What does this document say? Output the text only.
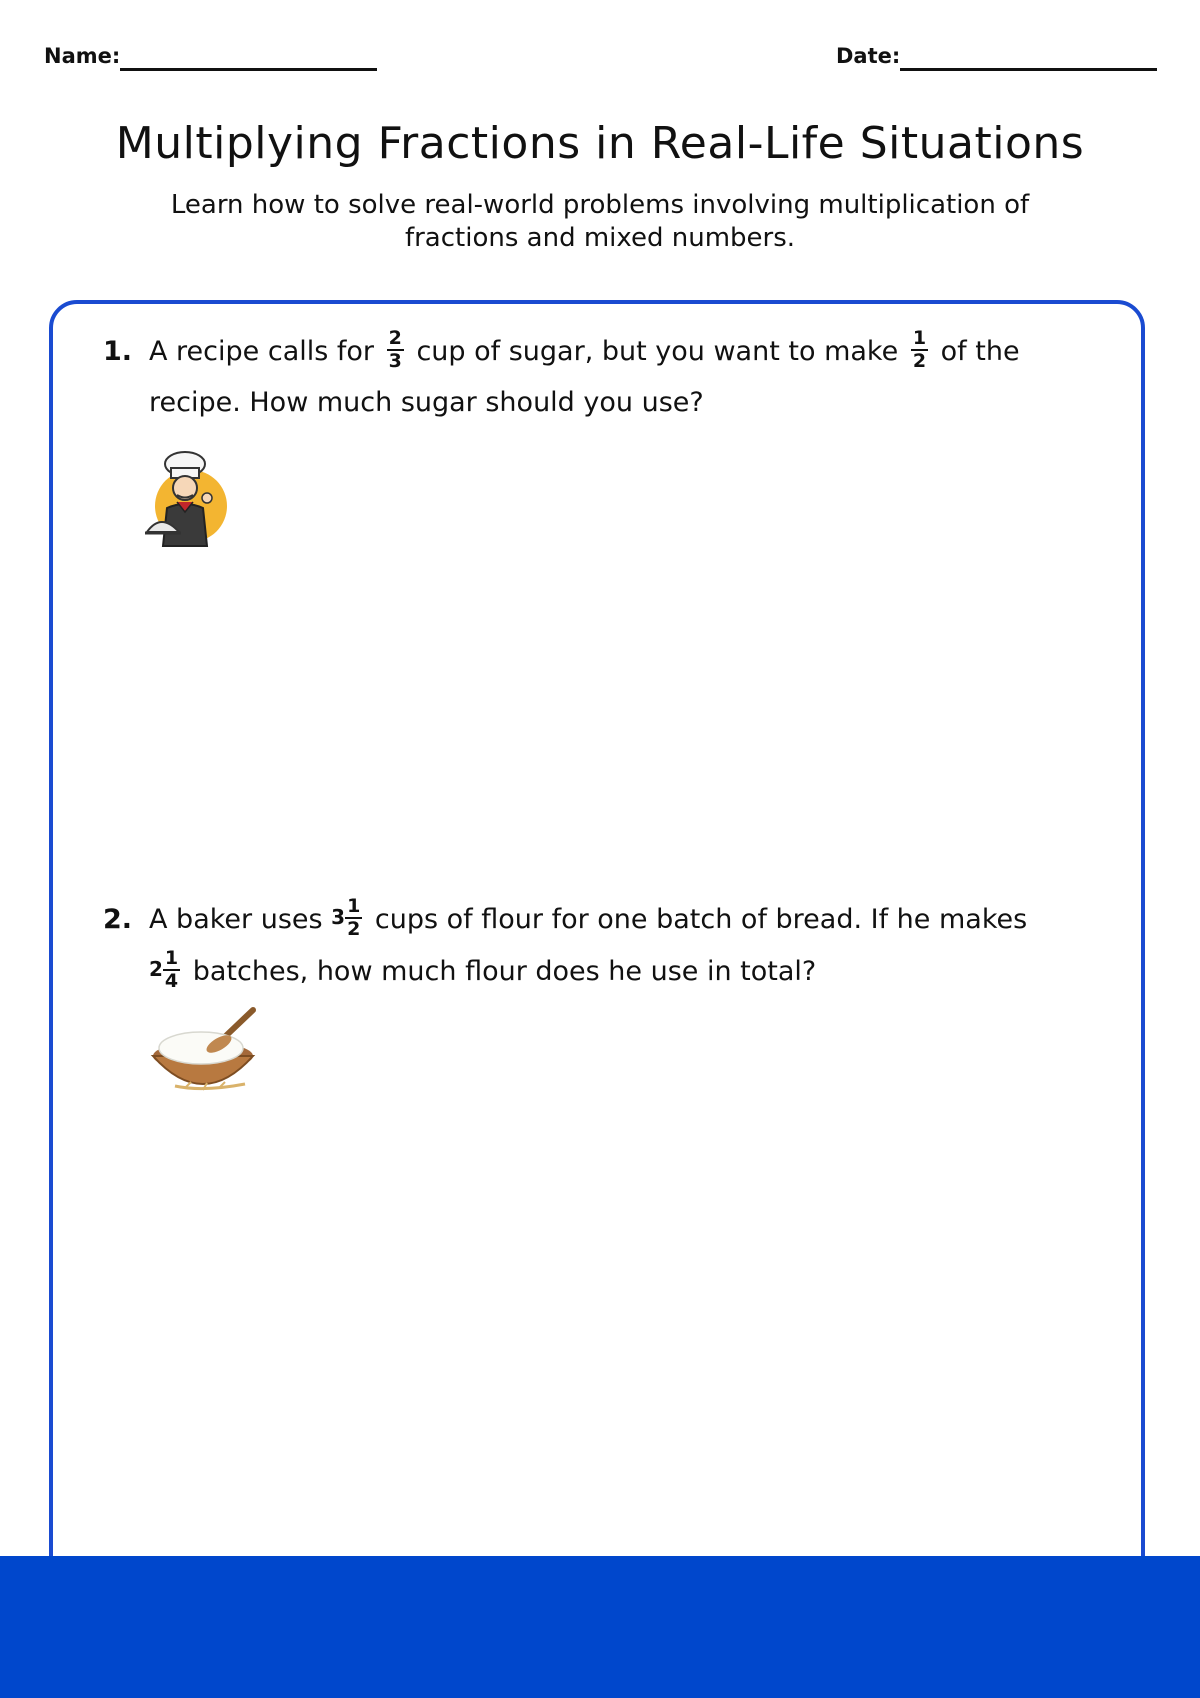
Name:	Date:
Multiplying Fractions in Real-Life Situations
Learn how to solve real-world problems involving multiplication of fractions and mixed numbers.
1. A recipe calls for $\frac{2}{3}$ cup of sugar, but you want to make $\frac{1}{2}$ of the
recipe. How much sugar should you use?
2. A baker uses $3 \frac{1}{2}$ cups of flour for one batch of bread. If he makes
$2 \frac{1}{4}$ batches, how much flour does he use in total?
